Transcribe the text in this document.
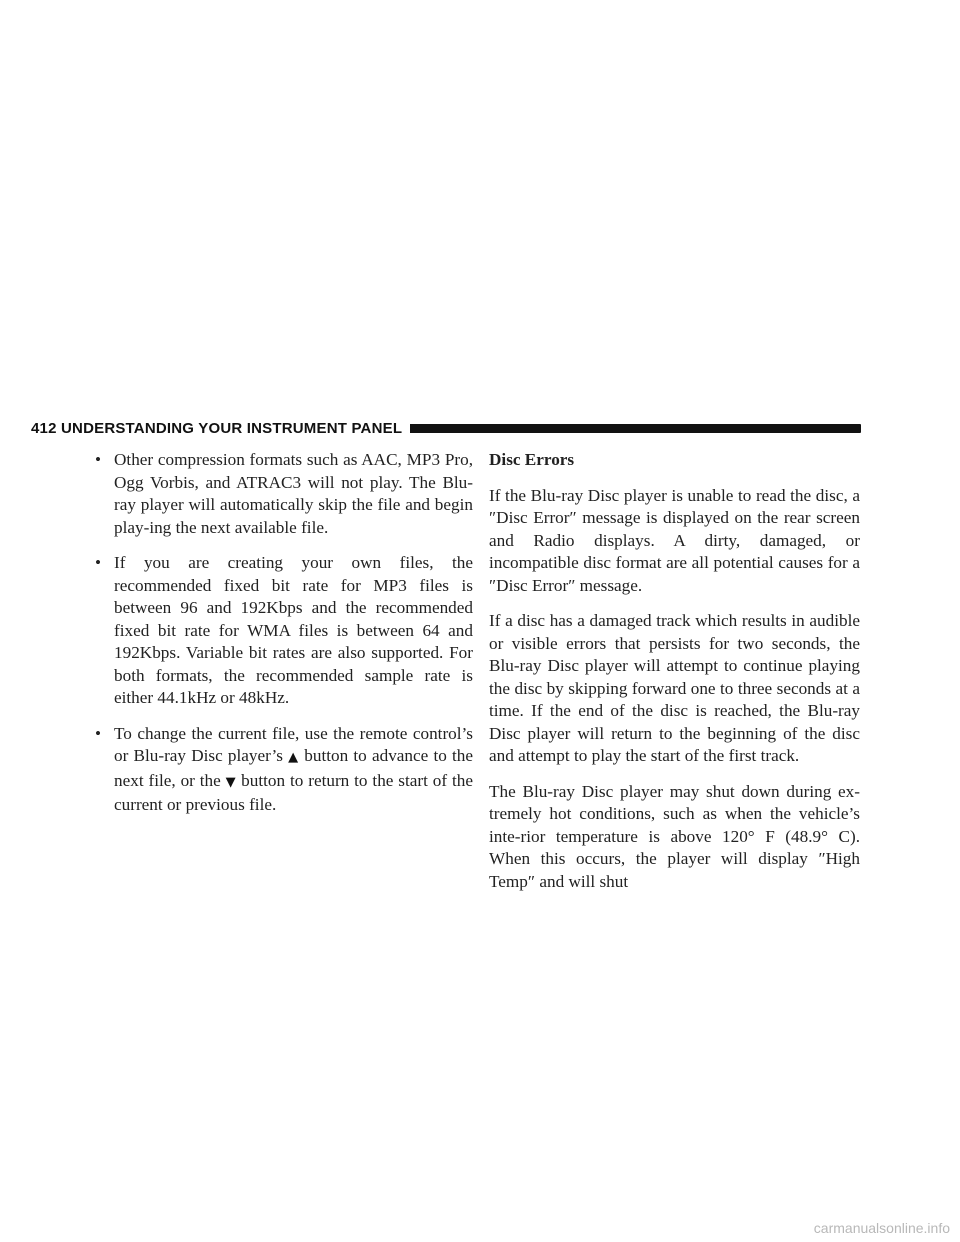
412 UNDERSTANDING YOUR INSTRUMENT PANEL
• Other compression formats such as AAC, MP3 Pro, Ogg Vorbis, and ATRAC3 will not play. The Blu-ray player will automatically skip the file and begin play-ing the next available file.
• If you are creating your own files, the recommended fixed bit rate for MP3 files is between 96 and 192Kbps and the recommended fixed bit rate for WMA files is between 64 and 192Kbps. Variable bit rates are also supported. For both formats, the recommended sample rate is either 44.1kHz or 48kHz.
• To change the current file, use the remote control’s or Blu-ray Disc player’s ▲ button to advance to the next file, or the ▼ button to return to the start of the current or previous file.
Disc Errors

If the Blu-ray Disc player is unable to read the disc, a ″Disc Error″ message is displayed on the rear screen and Radio displays. A dirty, damaged, or incompatible disc format are all potential causes for a ″Disc Error″ message.

If a disc has a damaged track which results in audible or visible errors that persists for two seconds, the Blu-ray Disc player will attempt to continue playing the disc by skipping forward one to three seconds at a time. If the end of the disc is reached, the Blu-ray Disc player will return to the beginning of the disc and attempt to play the start of the first track.

The Blu-ray Disc player may shut down during ex-tremely hot conditions, such as when the vehicle’s inte-rior temperature is above 120° F (48.9° C). When this occurs, the player will display ″High Temp″ and will shut

carmanualsonline.info
